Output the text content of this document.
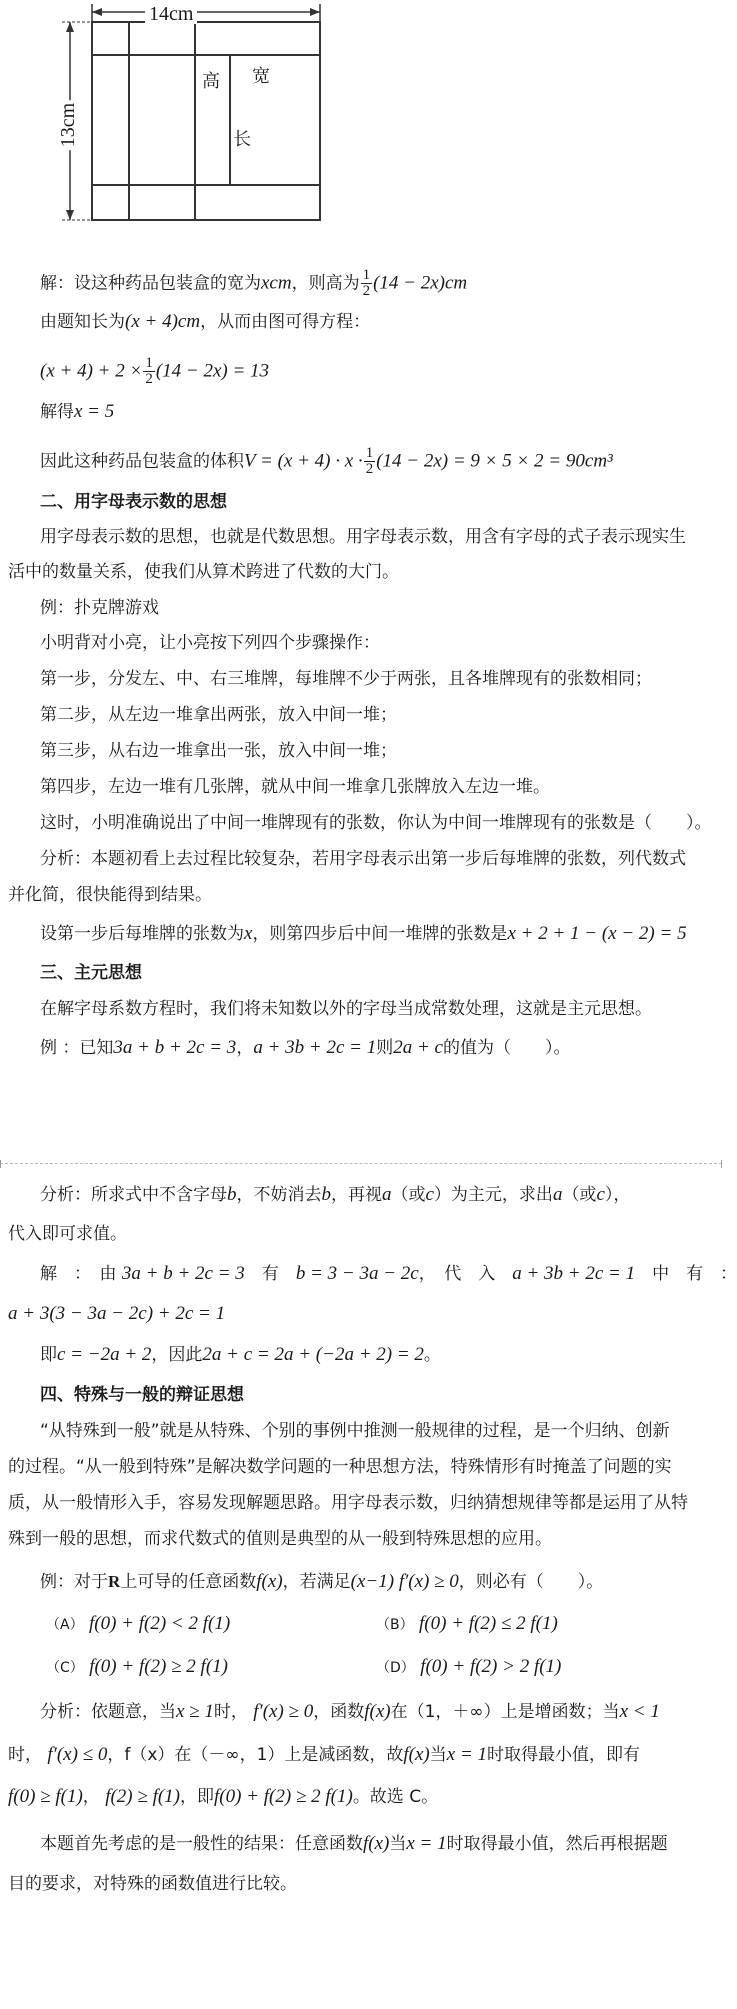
14cm
13cm
高 宽
长
解：设这种药品包装盒的宽为xcm，则高为 $\frac{1}{2} (14 - 2x)cm$
由题知长为(x + 4)cm，从而由图可得方程：
$(x + 4) + 2 \times \frac{1}{2} (14 - 2x) = 13$
解得x = 5
因此这种药品包装盒的体积$V = (x + 4) \cdot x \cdot \frac{1}{2} (14 - 2x) = 9 \times 5 \times 2 = 90cm^3$
二、用字母表示数的思想
用字母表示数的思想，也就是代数思想。用字母表示数，用含有字母的式子表示现实生
活中的数量关系，使我们从算术跨进了代数的大门。
例：扑克牌游戏
小明背对小亮，让小亮按下列四个步骤操作：
第一步，分发左、中、右三堆牌，每堆牌不少于两张，且各堆牌现有的张数相同；
第二步，从左边一堆拿出两张，放入中间一堆；
第三步，从右边一堆拿出一张，放入中间一堆；
第四步，左边一堆有几张牌，就从中间一堆拿几张牌放入左边一堆。
这时，小明准确说出了中间一堆牌现有的张数，你认为中间一堆牌现有的张数是（　　）。
分析：本题初看上去过程比较复杂，若用字母表示出第一步后每堆牌的张数，列代数式
并化简，很快能得到结果。
设第一步后每堆牌的张数为x，则第四步后中间一堆牌的张数是x + 2 + 1 − (x − 2) = 5
三、主元思想
在解字母系数方程时，我们将未知数以外的字母当成常数处理，这就是主元思想。
例 ：已知3a + b + 2c = 3，a + 3b + 2c = 1则2a + c的值为（　　）。
分析：所求式中不含字母b，不妨消去b，再视a（或c）为主元，求出a（或c），
代入即可求值。
解　：　由 3a + b + 2c = 3　 有　 b = 3 − 3a − 2c，　代　入　 a + 3b + 2c = 1　 中　有　：
a + 3(3 − 3a − 2c) + 2c = 1
即c = −2a + 2，因此2a + c = 2a + (−2a + 2) = 2。
四、特殊与一般的辩证思想
“从特殊到一般”就是从特殊、个别的事例中推测一般规律的过程，是一个归纳、创新
的过程。“从一般到特殊”是解决数学问题的一种思想方法，特殊情形有时掩盖了问题的实
质，从一般情形入手，容易发现解题思路。用字母表示数，归纳猜想规律等都是运用了从特
殊到一般的思想，而求代数式的值则是典型的从一般到特殊思想的应用。
例：对于R上可导的任意函数f(x)，若满足(x−1) f′(x) ≥ 0，则必有（　　）。
（A） f(0) + f(2) < 2 f(1)	（B） f(0) + f(2) ≤ 2 f(1)
（C） f(0) + f(2) ≥ 2 f(1)	（D） f(0) + f(2) > 2 f(1)
分析：依题意，当x ≥ 1时， f′(x) ≥ 0，函数f(x)在（1，＋∞）上是增函数；当x < 1
时， f′(x) ≤ 0，f（x）在（－∞，1）上是减函数，故f(x)当x = 1时取得最小值，即有
f(0) ≥ f(1)， f(2) ≥ f(1)，即f(0) + f(2) ≥ 2 f(1)。故选 C。
本题首先考虑的是一般性的结果：任意函数f(x)当x = 1时取得最小值，然后再根据题
目的要求，对特殊的函数值进行比较。
